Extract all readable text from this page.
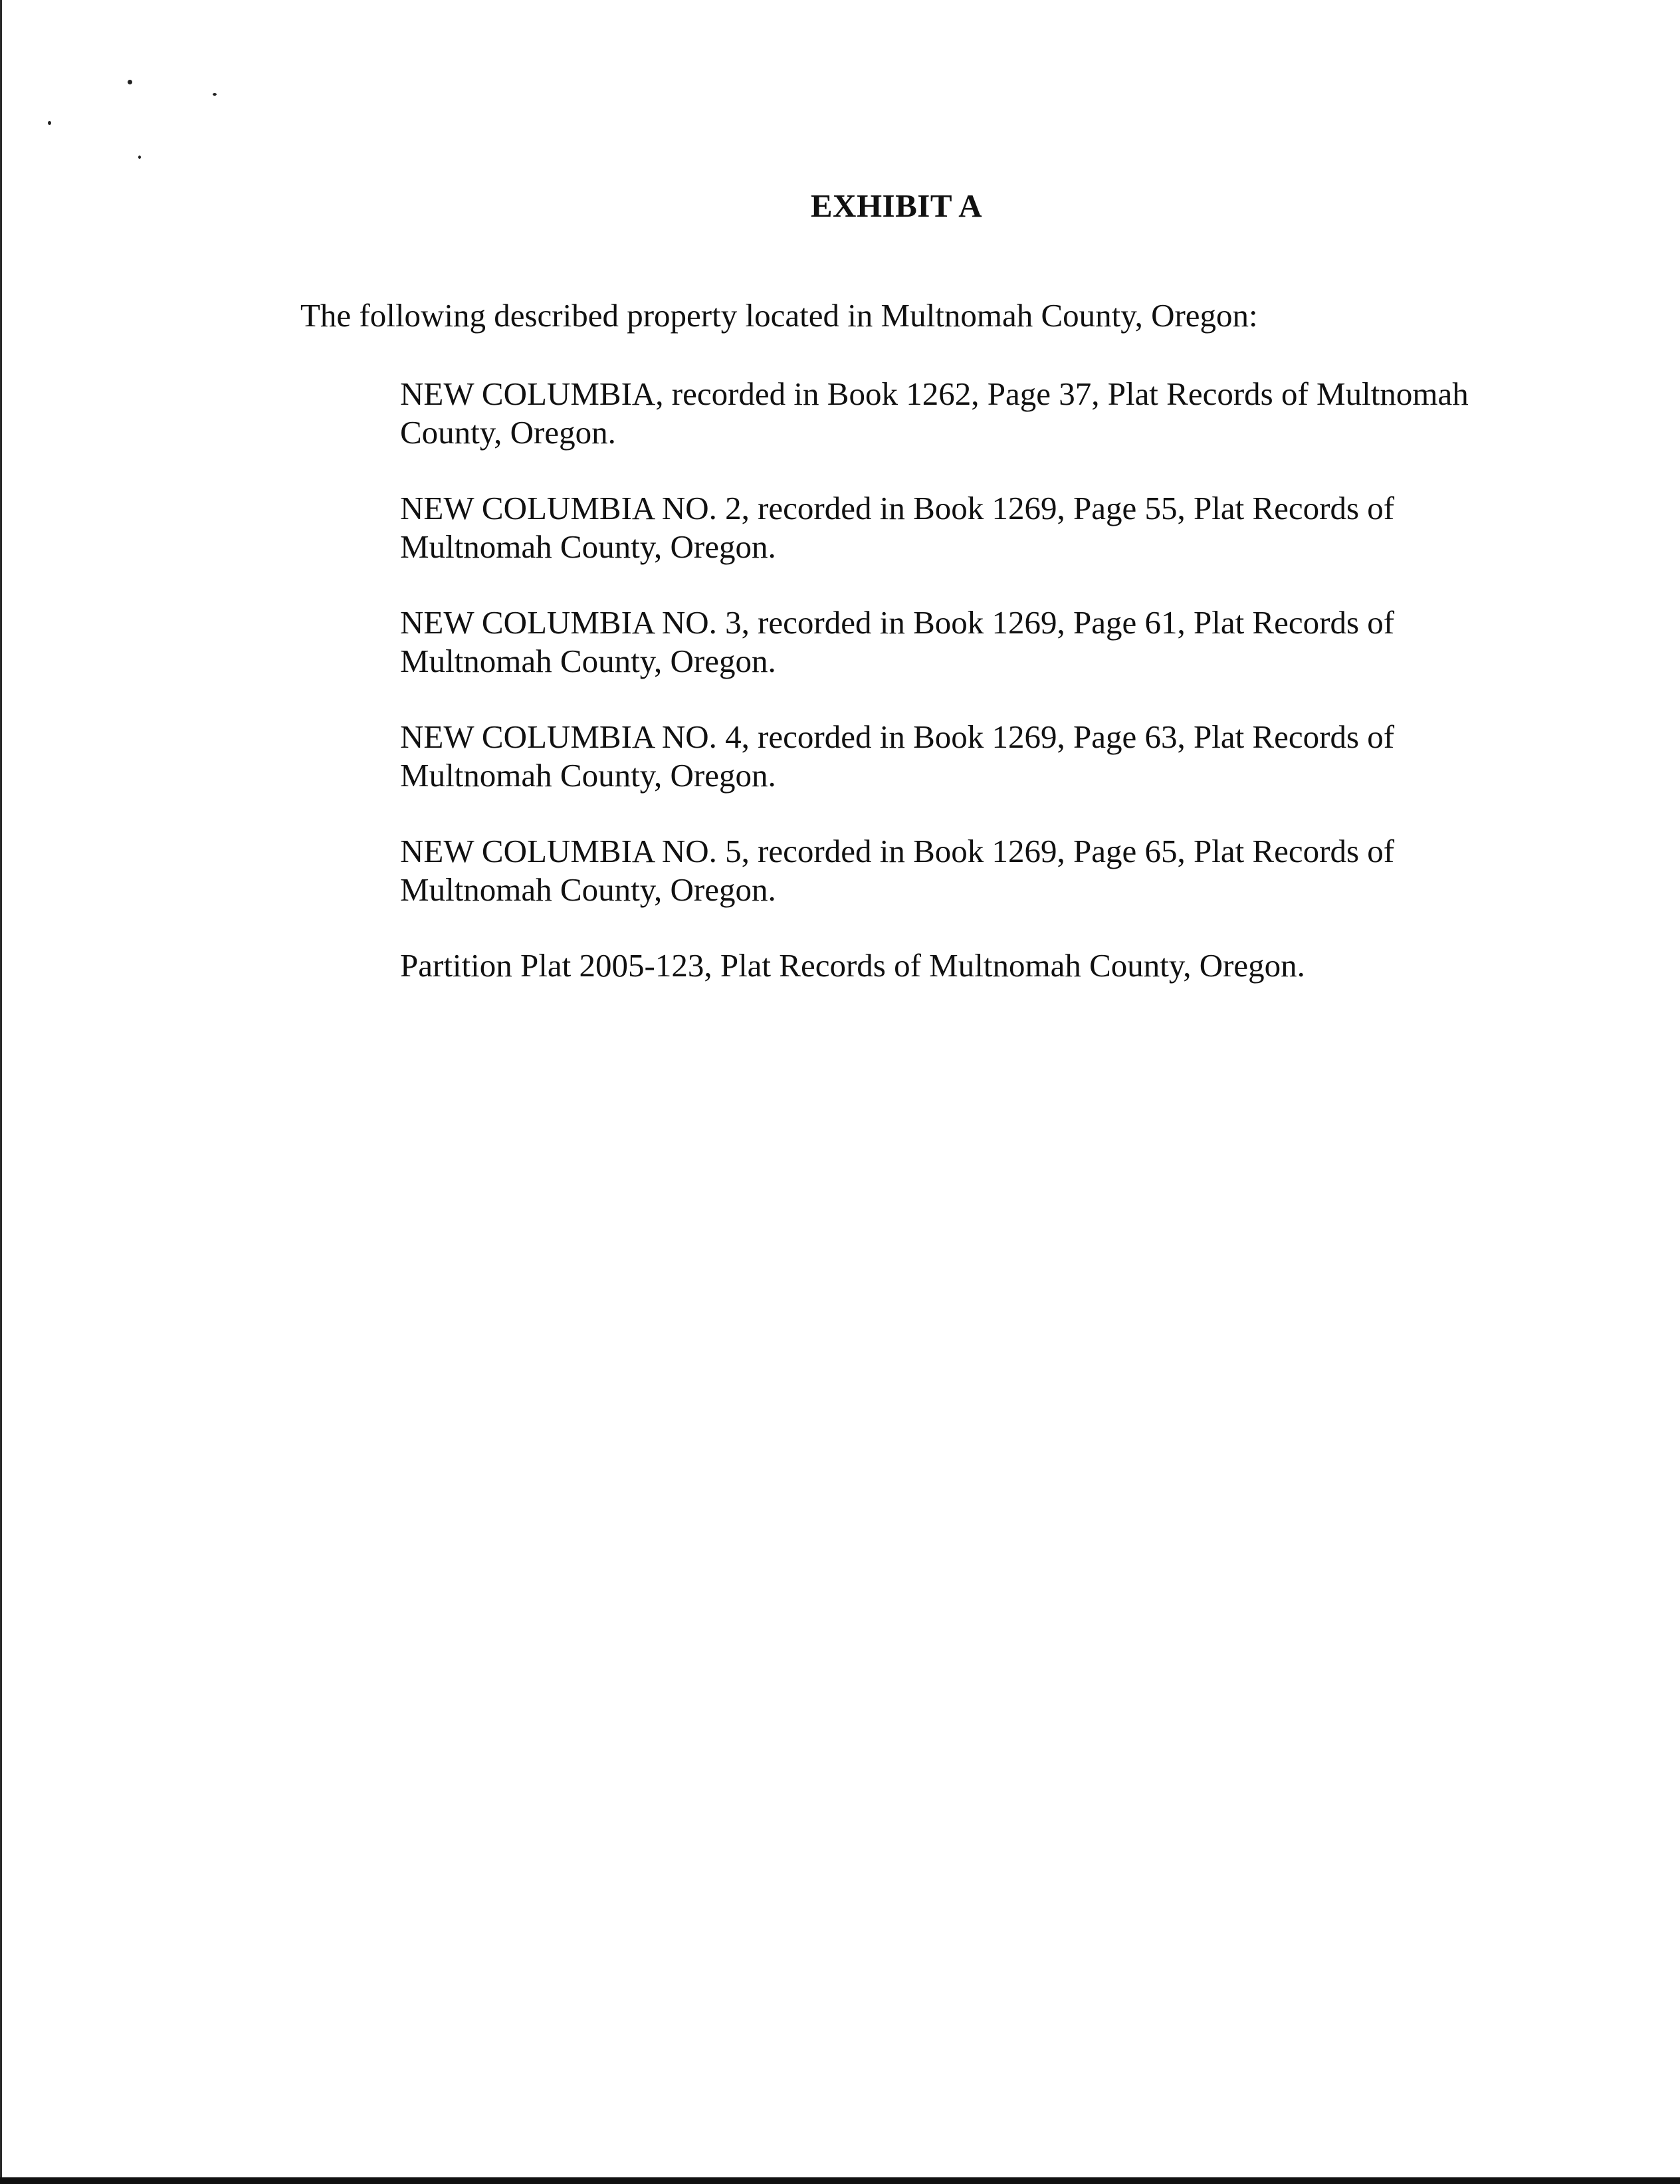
EXHIBIT A
The following described property located in Multnomah County, Oregon:
NEW COLUMBIA, recorded in Book 1262, Page 37, Plat Records of Multnomah
County, Oregon.
NEW COLUMBIA NO. 2, recorded in Book 1269, Page 55, Plat Records of
Multnomah County, Oregon.
NEW COLUMBIA NO. 3, recorded in Book 1269, Page 61, Plat Records of
Multnomah County, Oregon.
NEW COLUMBIA NO. 4, recorded in Book 1269, Page 63, Plat Records of
Multnomah County, Oregon.
NEW COLUMBIA NO. 5, recorded in Book 1269, Page 65, Plat Records of
Multnomah County, Oregon.
Partition Plat 2005-123, Plat Records of Multnomah County, Oregon.
